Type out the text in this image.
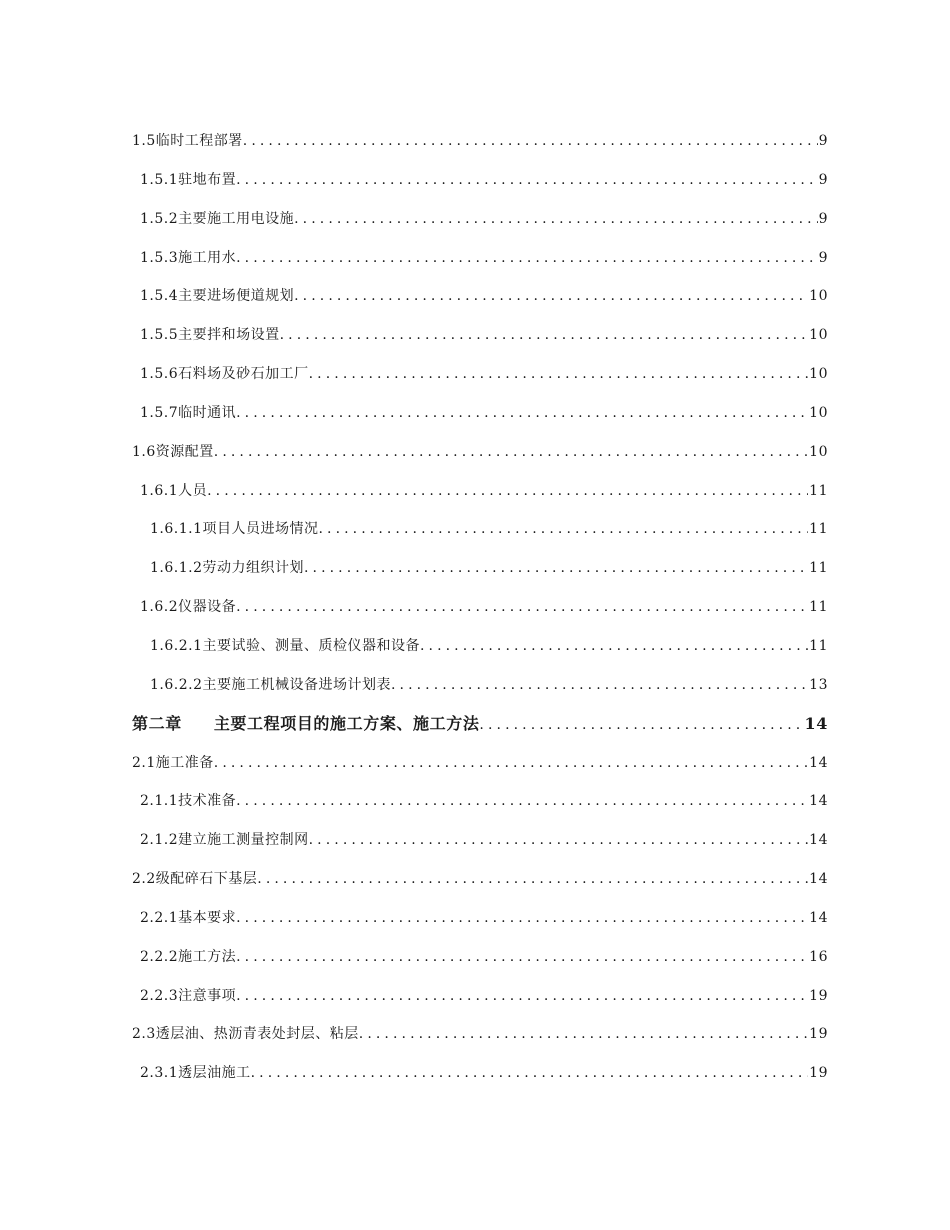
1.5临时工程部署 .....	9
1.5.1驻地布置 .....	9
1.5.2主要施工用电设施 .....	9
1.5.3施工用水 .....	9
1.5.4主要进场便道规划 .....	10
1.5.5主要拌和场设置 .....	10
1.5.6石料场及砂石加工厂 .....	10
1.5.7临时通讯 .....	10
1.6资源配置 .....	10
1.6.1人员 .....	11
1.6.1.1项目人员进场情况 .....	11
1.6.1.2劳动力组织计划 .....	11
1.6.2仪器设备 .....	11
1.6.2.1主要试验、测量、质检仪器和设备 .....	11
1.6.2.2主要施工机械设备进场计划表 .....	13
第二章 主要工程项目的施工方案、施工方法 .....	14
2.1施工准备 .....	14
2.1.1技术准备 .....	14
2.1.2建立施工测量控制网 .....	14
2.2级配碎石下基层 .....	14
2.2.1基本要求 .....	14
2.2.2施工方法 .....	16
2.2.3注意事项 .....	19
2.3透层油、热沥青表处封层、粘层 .....	19
2.3.1透层油施工 .....	19
